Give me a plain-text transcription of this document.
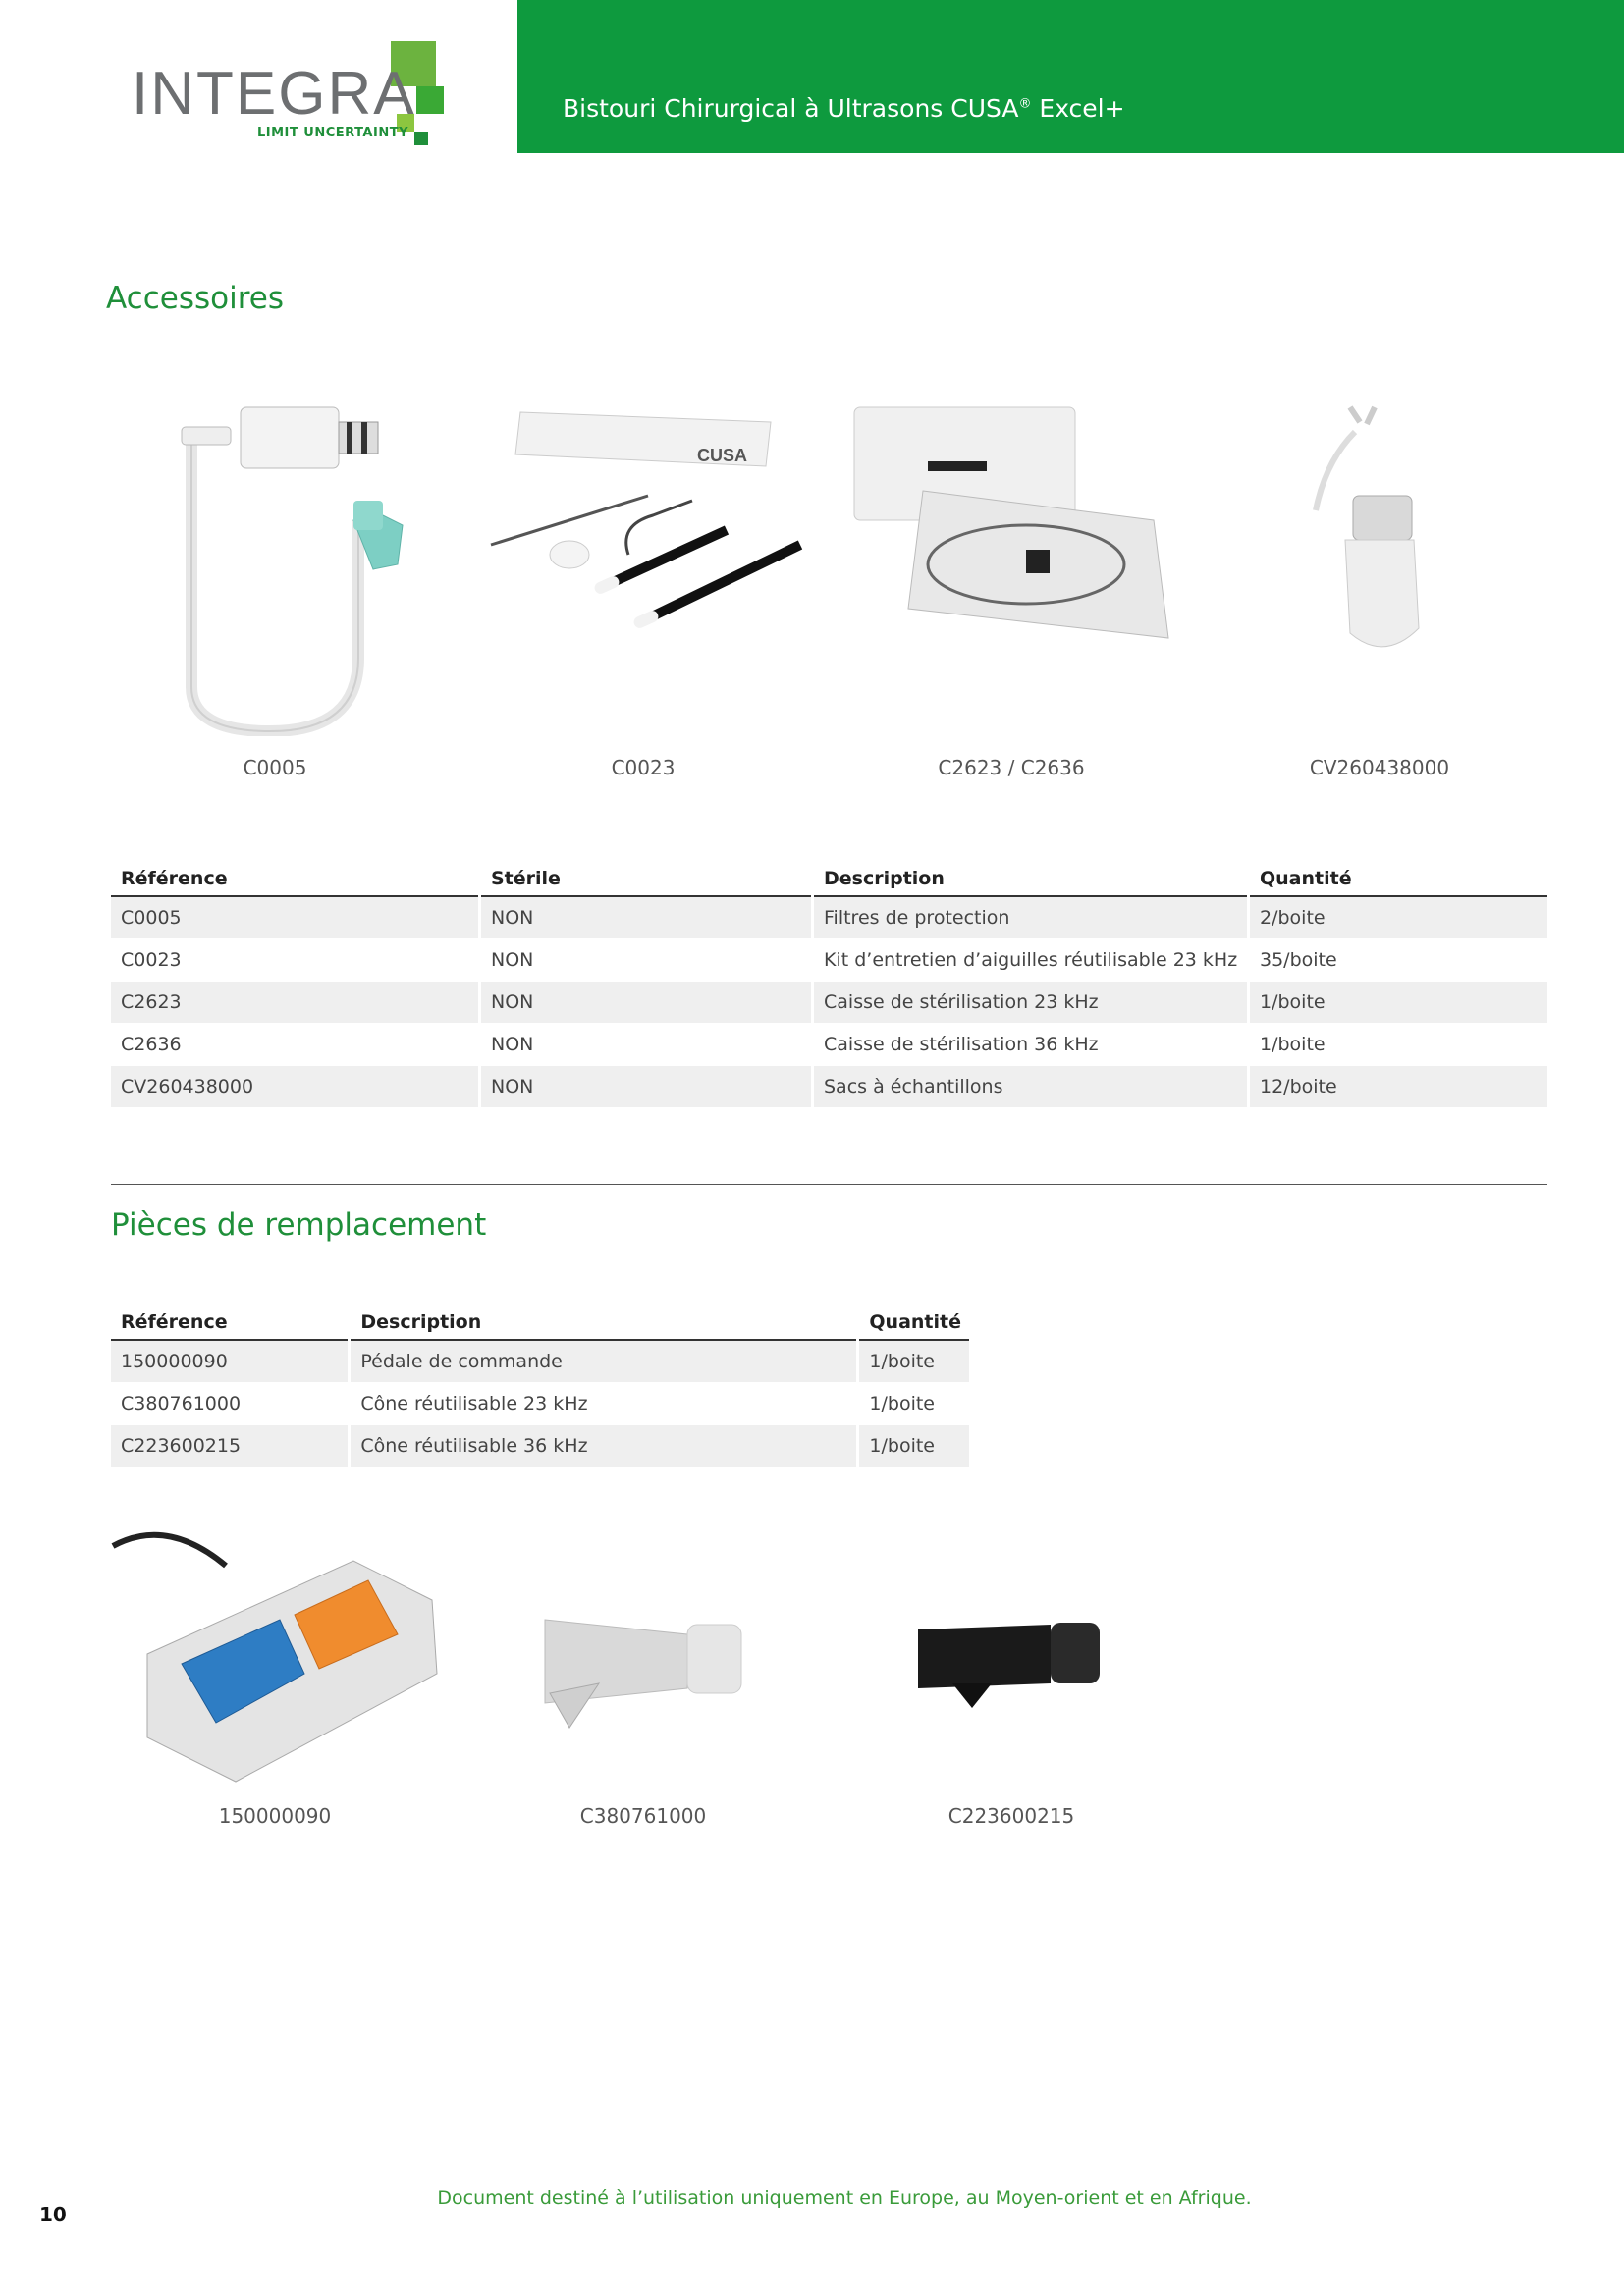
INTEGRA
LIMIT UNCERTAINTY
Bistouri Chirurgical à Ultrasons CUSA® Excel+
Accessoires
C0005
CUSA
C0023	C2623 / C2636	CV260438000
Référence	Stérile	Description	Quantité
C0005	NON	Filtres de protection	2/boite
C0023	NON	Kit d’entretien d’aiguilles réutilisable 23 kHz	35/boite
C2623	NON	Caisse de stérilisation 23 kHz	1/boite
C2636	NON	Caisse de stérilisation 36 kHz	1/boite
CV260438000	NON	Sacs à échantillons	12/boite
Pièces de remplacement
Référence	Description	Quantité
150000090	Pédale de commande	1/boite
C380761000	Cône réutilisable 23 kHz	1/boite
C223600215	Cône réutilisable 36 kHz	1/boite
150000090	C380761000	C223600215
Document destiné à l’utilisation uniquement en Europe, au Moyen-orient et en Afrique.
10
